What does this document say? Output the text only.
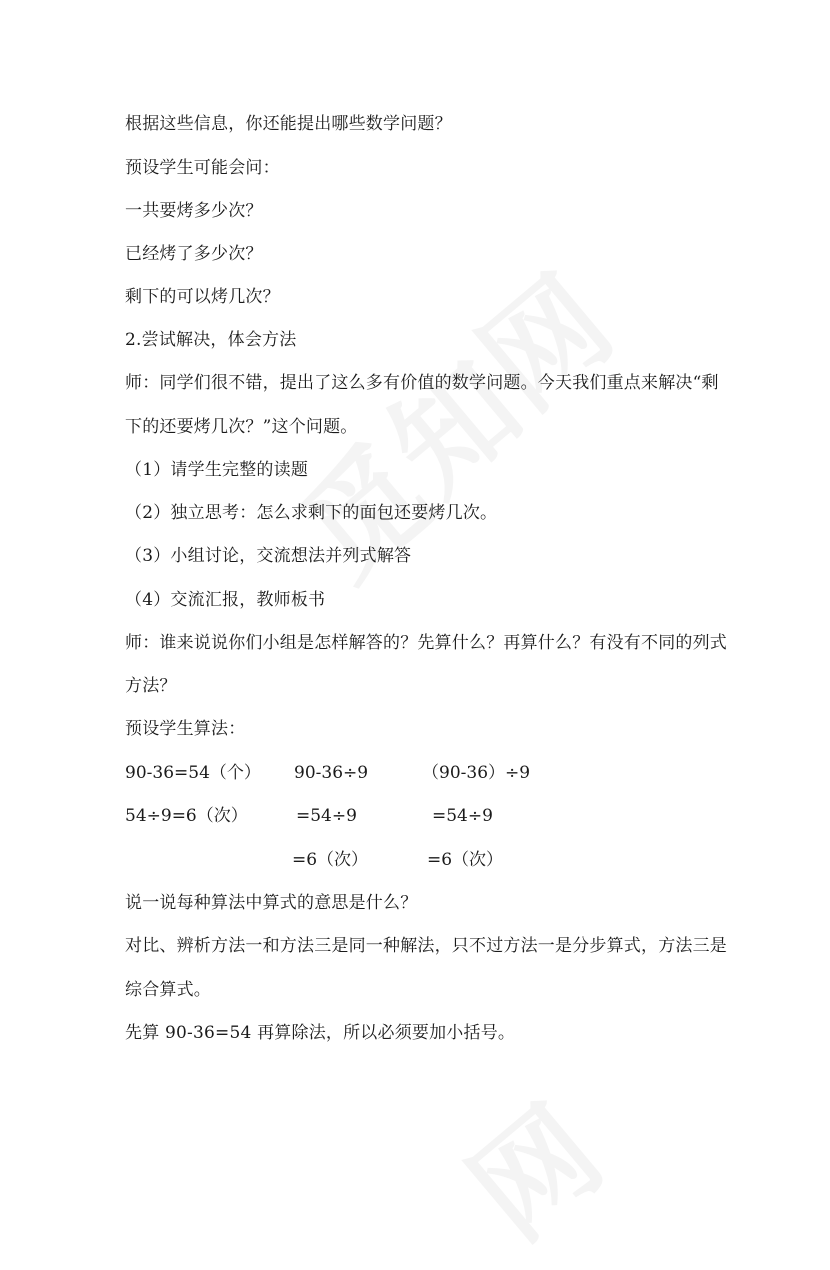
根据这些信息，你还能提出哪些数学问题？
预设学生可能会问：
一共要烤多少次？
已经烤了多少次？
剩下的可以烤几次？
2.尝试解决，体会方法
师：同学们很不错，提出了这么多有价值的数学问题。今天我们重点来解决“剩
下的还要烤几次？”这个问题。
（1）请学生完整的读题
（2）独立思考：怎么求剩下的面包还要烤几次。
（3）小组讨论，交流想法并列式解答
（4）交流汇报，教师板书
师：谁来说说你们小组是怎样解答的？先算什么？再算什么？有没有不同的列式
方法？
预设学生算法：
90-36=54（个）
54÷9=6（次）
90-36÷9
=54÷9
=6（次）
（90-36）÷9
=54÷9
=6（次）
说一说每种算法中算式的意思是什么？
对比、辨析方法一和方法三是同一种解法，只不过方法一是分步算式，方法三是
综合算式。
先算 90-36=54 再算除法，所以必须要加小括号。
